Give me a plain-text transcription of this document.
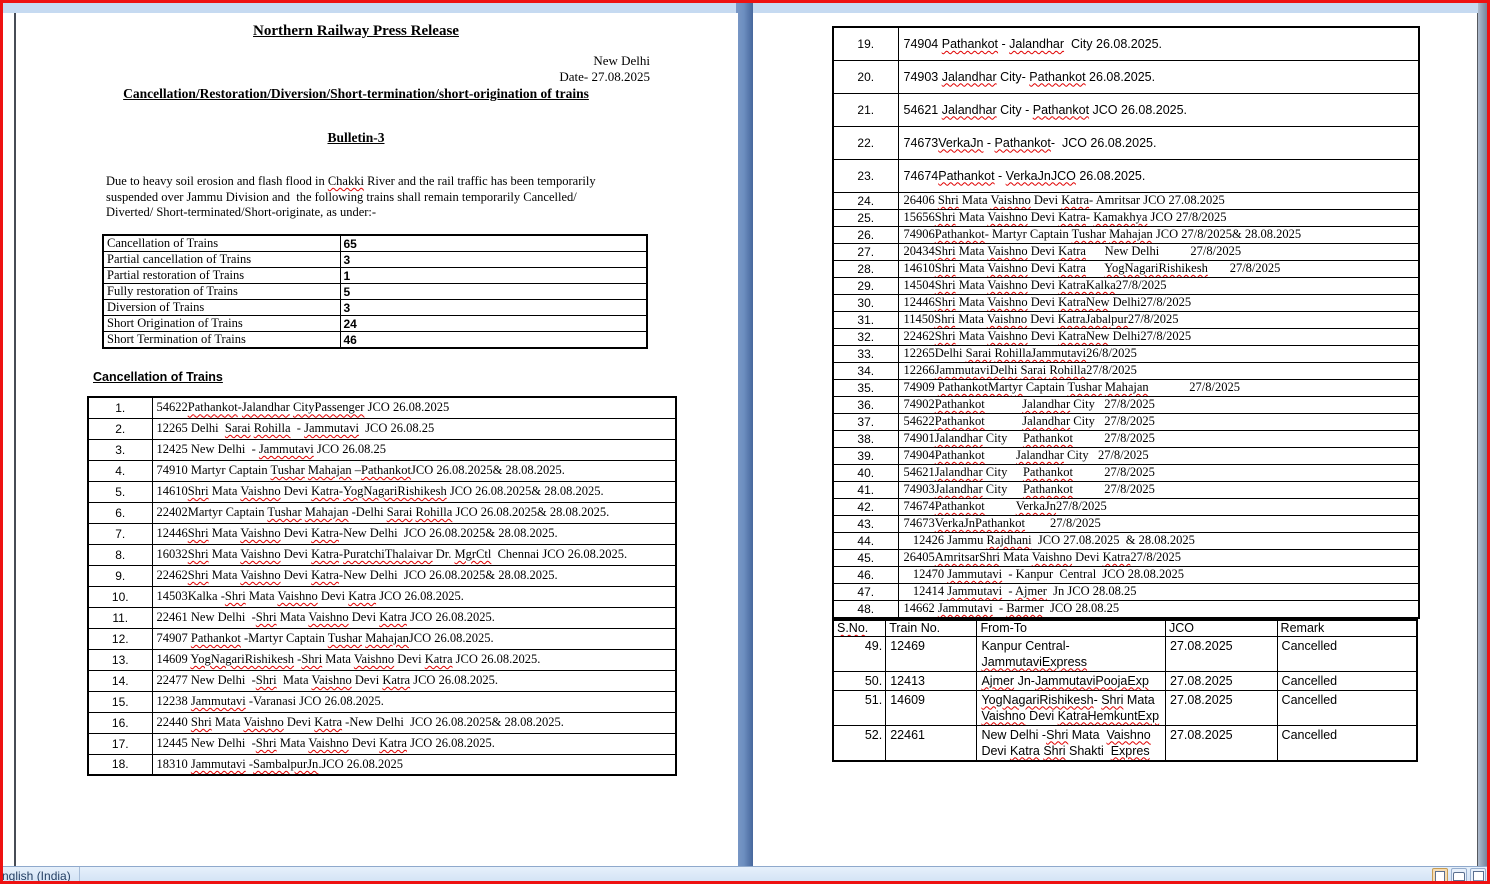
Northern Railway Press Release
New Delhi
Date- 27.08.2025
Cancellation/Restoration/Diversion/Short-termination/short-origination of trains
Bulletin-3
Due to heavy soil erosion and flash flood in Chakki River and the rail traffic has been temporarily
suspended over Jammu Division and  the following trains shall remain temporarily Cancelled/
Diverted/ Short-terminated/Short-originate, as under:-
Cancellation of Trains	65
Partial cancellation of Trains	3
Partial restoration of Trains	1
Fully restoration of Trains	5
Diversion of Trains	3
Short Origination of Trains	24
Short Termination of Trains	46
Cancellation of Trains
1.	54622Pathankot-Jalandhar CityPassenger JCO 26.08.2025
2.	12265 Delhi  Sarai Rohilla  - Jammutavi  JCO 26.08.25
3.	12425 New Delhi  - Jammutavi JCO 26.08.25
4.	74910 Martyr Captain Tushar Mahajan –PathankotJCO 26.08.2025& 28.08.2025.
5.	14610Shri Mata Vaishno Devi Katra-YogNagariRishikesh JCO 26.08.2025& 28.08.2025.
6.	22402Martyr Captain Tushar Mahajan -Delhi Sarai Rohilla JCO 26.08.2025& 28.08.2025.
7.	12446Shri Mata Vaishno Devi Katra-New Delhi  JCO 26.08.2025& 28.08.2025.
8.	16032Shri Mata Vaishno Devi Katra-PuratchiThalaivar Dr. MgrCtl  Chennai JCO 26.08.2025.
9.	22462Shri Mata Vaishno Devi Katra-New Delhi  JCO 26.08.2025& 28.08.2025.
10.	14503Kalka -Shri Mata Vaishno Devi Katra JCO 26.08.2025.
11.	22461 New Delhi  -Shri Mata Vaishno Devi Katra JCO 26.08.2025.
12.	74907 Pathankot -Martyr Captain Tushar MahajanJCO 26.08.2025.
13.	14609 YogNagariRishikesh -Shri Mata Vaishno Devi Katra JCO 26.08.2025.
14.	22477 New Delhi  -Shri  Mata Vaishno Devi Katra JCO 26.08.2025.
15.	12238 Jammutavi -Varanasi JCO 26.08.2025.
16.	22440 Shri Mata Vaishno Devi Katra -New Delhi  JCO 26.08.2025& 28.08.2025.
17.	12445 New Delhi  -Shri Mata Vaishno Devi Katra JCO 26.08.2025.
18.	18310 Jammutavi -SambalpurJn.JCO 26.08.2025
19.	74904 Pathankot - Jalandhar  City 26.08.2025.
20.	74903 Jalandhar City- Pathankot 26.08.2025.
21.	54621 Jalandhar City - Pathankot JCO 26.08.2025.
22.	74673VerkaJn - Pathankot-  JCO 26.08.2025.
23.	74674Pathankot - VerkaJnJCO 26.08.2025.
24.	26406 Shri Mata Vaishno Devi Katra- Amritsar JCO 27.08.2025
25.	15656Shri Mata Vaishno Devi Katra- Kamakhya JCO 27/8/2025
26.	74906Pathankot- Martyr Captain Tushar Mahajan JCO 27/8/2025& 28.08.2025
27.	20434Shri Mata Vaishno Devi Katra      New Delhi          27/8/2025
28.	14610Shri Mata Vaishno Devi Katra YogNagariRishikesh       27/8/2025
29.	14504Shri Mata Vaishno Devi KatraKalka27/8/2025
30.	12446Shri Mata Vaishno Devi KatraNew Delhi27/8/2025
31.	11450Shri Mata Vaishno Devi KatraJabalpur27/8/2025
32.	22462Shri Mata Vaishno Devi KatraNew Delhi27/8/2025
33.	12265Delhi Sarai RohillaJammutavi26/8/2025
34.	12266JammutaviDelhi Sarai Rohilla27/8/2025
35.	74909 PathankotMartyr Captain Tushar Mahajan             27/8/2025
36.	74902Pathankot Jalandhar City   27/8/2025
37.	54622Pathankot Jalandhar City   27/8/2025
38.	74901Jalandhar City     Pathankot          27/8/2025
39.	74904Pathankot Jalandhar City   27/8/2025
40.	54621Jalandhar City     Pathankot          27/8/2025
41.	74903Jalandhar City     Pathankot          27/8/2025
42.	74674Pathankot VerkaJn27/8/2025
43.	74673VerkaJnPathankot        27/8/2025
44.	12426 Jammu Rajdhani  JCO 27.08.2025  & 28.08.2025
45.	26405AmritsarShri Mata Vaishno Devi Katra27/8/2025
46.	12470 Jammutavi  - Kanpur  Central  JCO 28.08.2025
47.	12414 Jammutavi  - Ajmer  Jn JCO 28.08.25
48.	14662 Jammutavi  - Barmer  JCO 28.08.25
S.No.	Train No.	From-To	JCO	Remark
49.	12469	Kanpur Central-
JammutaviExpress	27.08.2025	Cancelled
50.	12413	Ajmer Jn-JammutaviPoojaExp	27.08.2025	Cancelled
51.	14609	YogNagariRishikesh- Shri Mata
Vaishno Devi KatraHemkuntExp	27.08.2025	Cancelled
52.	22461	New Delhi -Shri Mata  Vaishno
Devi Katra Shri Shakti  Expres	27.08.2025	Cancelled
nglish (India)
